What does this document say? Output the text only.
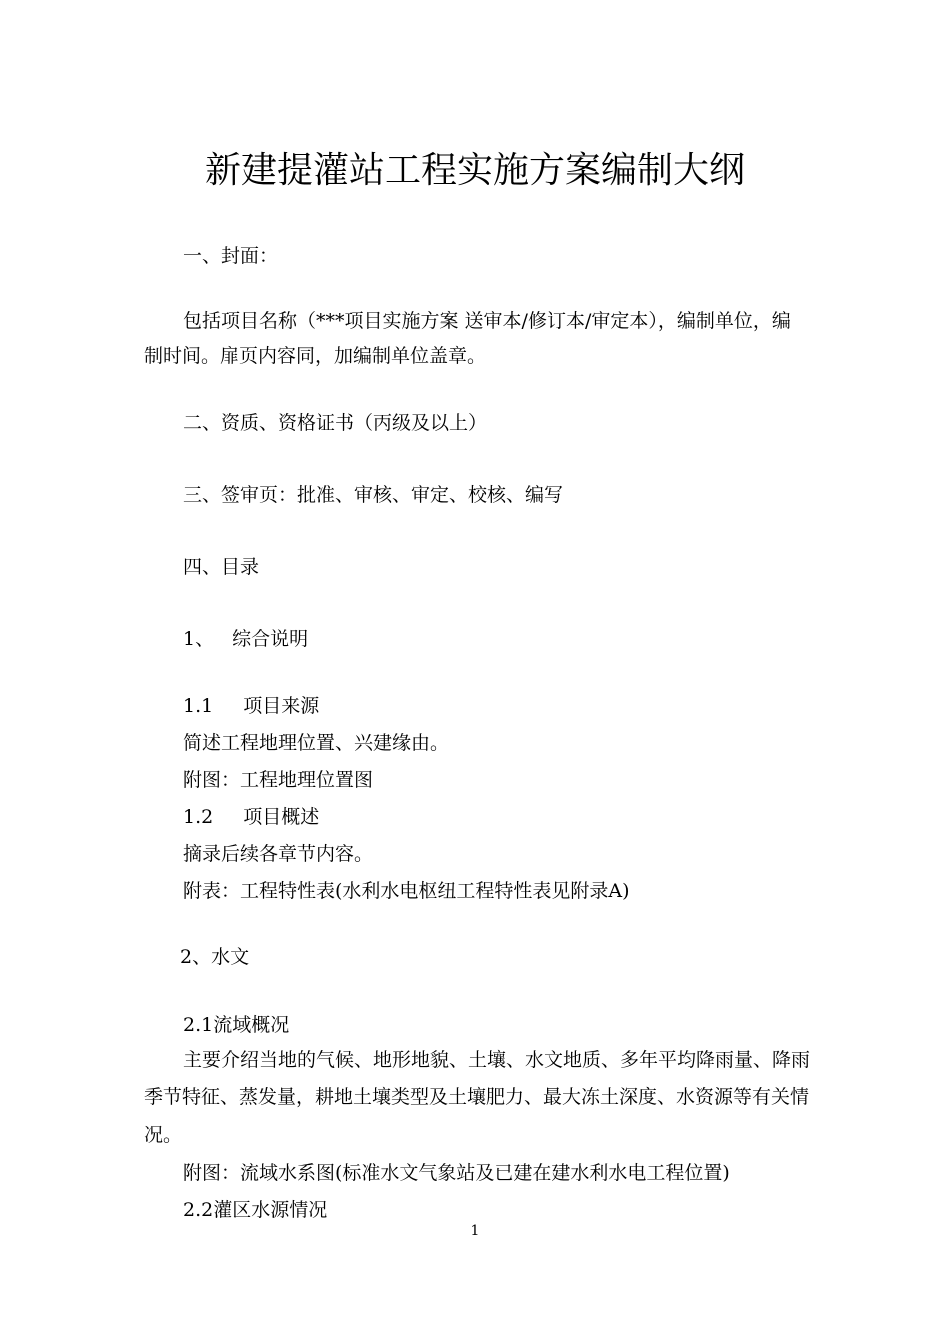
新建提灌站工程实施方案编制大纲
一、封面：
包括项目名称（***项目实施方案 送审本/修订本/审定本），编制单位，编
制时间。扉页内容同，加编制单位盖章。
二、资质、资格证书（丙级及以上）
三、签审页：批准、审核、审定、校核、编写
四、目录
1、 综合说明
1.1 项目来源
简述工程地理位置、兴建缘由。
附图：工程地理位置图
1.2 项目概述
摘录后续各章节内容。
附表：工程特性表(水利水电枢纽工程特性表见附录A)
2、水文
2.1流域概况
主要介绍当地的气候、地形地貌、土壤、水文地质、多年平均降雨量、降雨
季节特征、蒸发量，耕地土壤类型及土壤肥力、最大冻土深度、水资源等有关情
况。
附图：流域水系图(标准水文气象站及已建在建水利水电工程位置)
2.2灌区水源情况
1
